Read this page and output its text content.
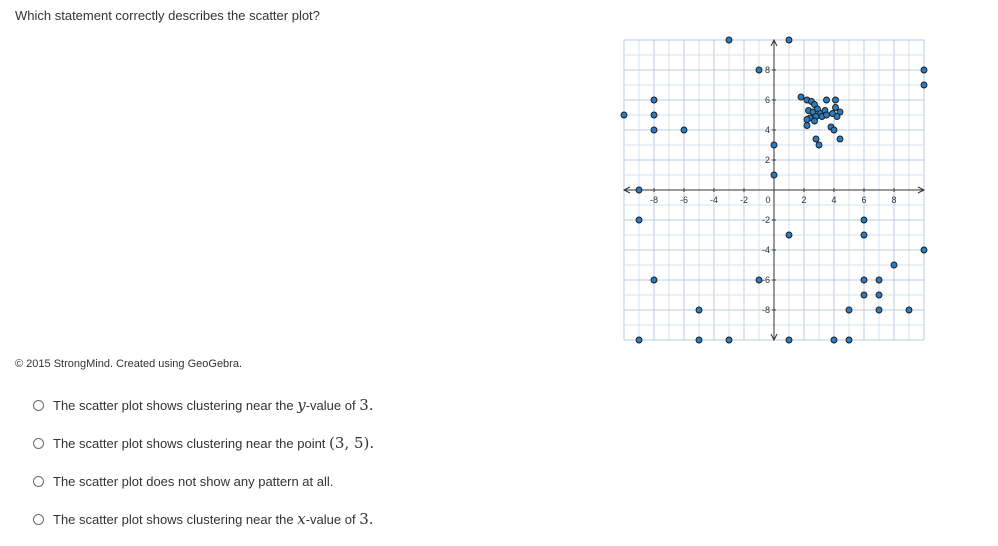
Which statement correctly describes the scatter plot?
-8 -6 -4 -2 0	2	4	6	8
-8
-6
-4
-2
2
4
6
8
© 2015 StrongMind. Created using GeoGebra.
The scatter plot shows clustering near the y-value of 3.
The scatter plot shows clustering near the point (3, 5).
The scatter plot does not show any pattern at all.
The scatter plot shows clustering near the x-value of 3.
